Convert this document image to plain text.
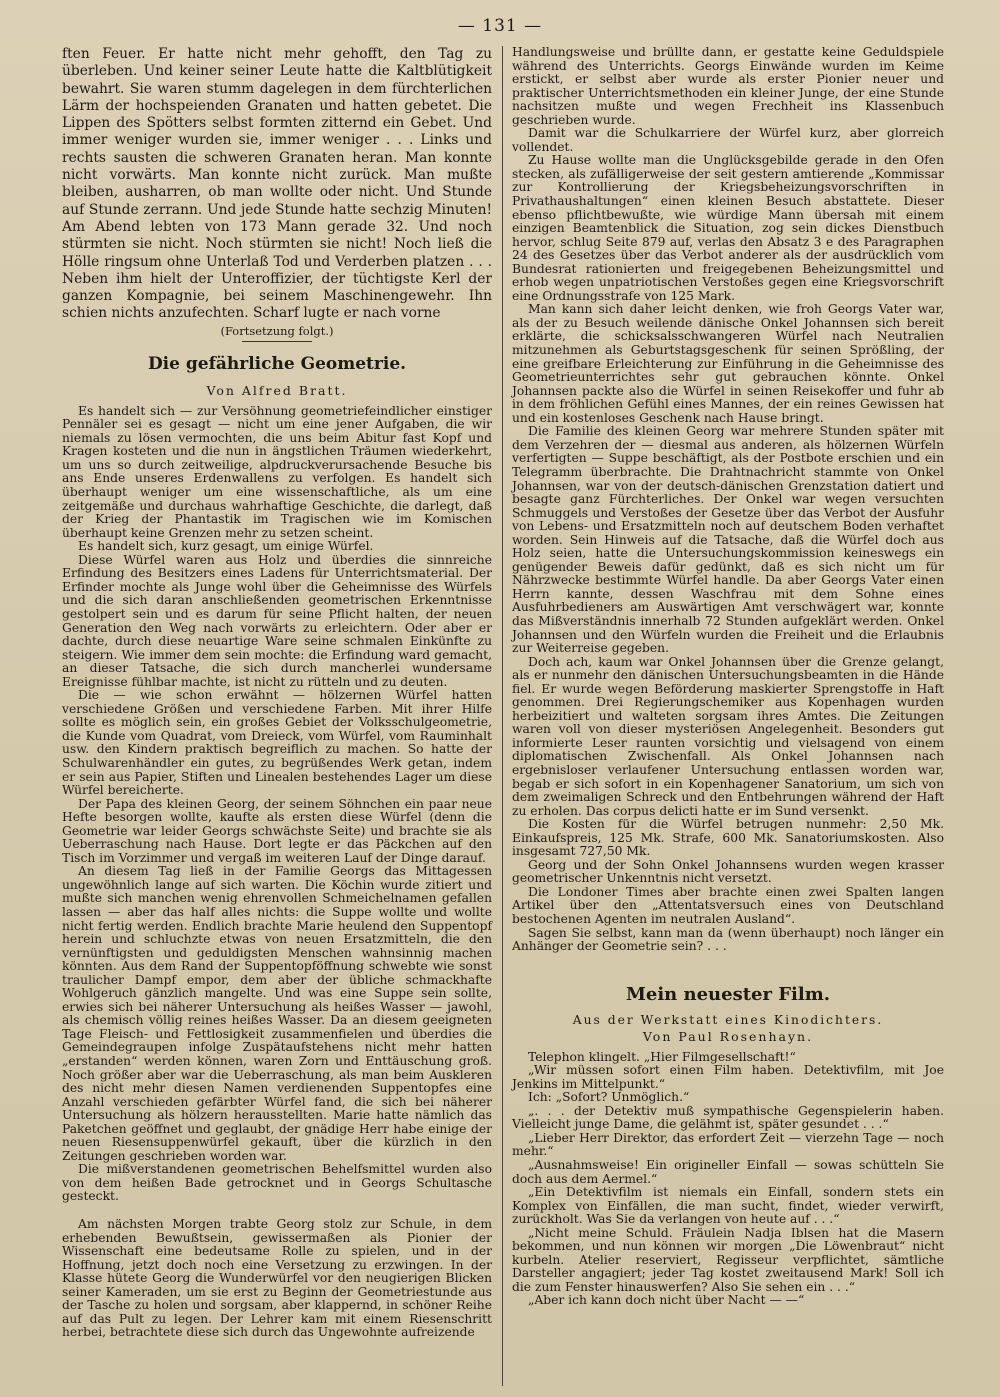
— 131 —

ften Feuer. Er hatte nicht mehr gehofft, den Tag zu überleben. Und keiner seiner Leute hatte die Kaltblütigkeit bewahrt. Sie waren stumm dagelegen in dem fürchterlichen Lärm der hochspeienden Granaten und hatten gebetet. Die Lippen des Spötters selbst formten zitternd ein Gebet. Und immer weniger wurden sie, immer weniger . . . Links und rechts sausten die schweren Granaten heran. Man konnte nicht vorwärts. Man konnte nicht zurück. Man mußte bleiben, ausharren, ob man wollte oder nicht. Und Stunde auf Stunde zerrann. Und jede Stunde hatte sechzig Minuten! Am Abend lebten von 173 Mann gerade 32. Und noch stürmten sie nicht. Noch stürmten sie nicht! Noch ließ die Hölle ringsum ohne Unterlaß Tod und Verderben platzen . . . Neben ihm hielt der Unteroffizier, der tüchtigste Kerl der ganzen Kompagnie, bei seinem Maschinengewehr. Ihn schien nichts anzufechten. Scharf lugte er nach vorne

(Fortsetzung folgt.)
Die gefährliche Geometrie.
Von Alfred Bratt.

Es handelt sich — zur Versöhnung geometriefeindlicher einstiger Pennäler sei es gesagt — nicht um eine jener Aufgaben, die wir niemals zu lösen vermochten, die uns beim Abitur fast Kopf und Kragen kosteten und die nun in ängstlichen Träumen wiederkehrt, um uns so durch zeitweilige, alpdruckverursachende Besuche bis ans Ende unseres Erdenwallens zu verfolgen. Es handelt sich überhaupt weniger um eine wissenschaftliche, als um eine zeitgemäße und durchaus wahrhaftige Geschichte, die darlegt, daß der Krieg der Phantastik im Tragischen wie im Komischen überhaupt keine Grenzen mehr zu setzen scheint.

Es handelt sich, kurz gesagt, um einige Würfel.

Diese Würfel waren aus Holz und überdies die sinnreiche Erfindung des Besitzers eines Ladens für Unterrichtsmaterial. Der Erfinder mochte als Junge wohl über die Geheimnisse des Würfels und die sich daran anschließenden geometrischen Erkenntnisse gestolpert sein und es darum für seine Pflicht halten, der neuen Generation den Weg nach vorwärts zu erleichtern. Oder aber er dachte, durch diese neuartige Ware seine schmalen Einkünfte zu steigern. Wie immer dem sein mochte: die Erfindung ward gemacht, an dieser Tatsache, die sich durch mancherlei wundersame Ereignisse fühlbar machte, ist nicht zu rütteln und zu deuten.

Die — wie schon erwähnt — hölzernen Würfel hatten verschiedene Größen und verschiedene Farben. Mit ihrer Hilfe sollte es möglich sein, ein großes Gebiet der Volksschulgeometrie, die Kunde vom Quadrat, vom Dreieck, vom Würfel, vom Rauminhalt usw. den Kindern praktisch begreiflich zu machen. So hatte der Schulwarenhändler ein gutes, zu begrüßendes Werk getan, indem er sein aus Papier, Stiften und Linealen bestehendes Lager um diese Würfel bereicherte.

Der Papa des kleinen Georg, der seinem Söhnchen ein paar neue Hefte besorgen wollte, kaufte als ersten diese Würfel (denn die Geometrie war leider Georgs schwächste Seite) und brachte sie als Ueberraschung nach Hause. Dort legte er das Päckchen auf den Tisch im Vorzimmer und vergaß im weiteren Lauf der Dinge darauf.

An diesem Tag ließ in der Familie Georgs das Mittagessen ungewöhnlich lange auf sich warten. Die Köchin wurde zitiert und mußte sich manchen wenig ehrenvollen Schmeichelnamen gefallen lassen — aber das half alles nichts: die Suppe wollte und wollte nicht fertig werden. Endlich brachte Marie heulend den Suppentopf herein und schluchzte etwas von neuen Ersatzmitteln, die den vernünftigsten und geduldigsten Menschen wahnsinnig machen könnten. Aus dem Rand der Suppentopföffnung schwebte wie sonst traulicher Dampf empor, dem aber der übliche schmackhafte Wohlgeruch gänzlich mangelte. Und was eine Suppe sein sollte, erwies sich bei näherer Untersuchung als heißes Wasser — jawohl, als chemisch völlig reines heißes Wasser. Da an diesem geeigneten Tage Fleisch- und Fettlosigkeit zusammenfielen und überdies die Gemeindegraupen infolge Zuspätaufstehens nicht mehr hatten „erstanden“ werden können, waren Zorn und Enttäuschung groß. Noch größer aber war die Ueberraschung, als man beim Auskleren des nicht mehr diesen Namen verdienenden Suppentopfes eine Anzahl verschieden gefärbter Würfel fand, die sich bei näherer Untersuchung als hölzern herausstellten. Marie hatte nämlich das Paketchen geöffnet und geglaubt, der gnädige Herr habe einige der neuen Riesensuppenwürfel gekauft, über die kürzlich in den Zeitungen geschrieben worden war.

Die mißverstandenen geometrischen Behelfsmittel wurden also von dem heißen Bade getrocknet und in Georgs Schultasche gesteckt.

Am nächsten Morgen trabte Georg stolz zur Schule, in dem erhebenden Bewußtsein, gewissermaßen als Pionier der Wissenschaft eine bedeutsame Rolle zu spielen, und in der Hoffnung, jetzt doch noch eine Versetzung zu erzwingen. In der Klasse hütete Georg die Wunderwürfel vor den neugierigen Blicken seiner Kameraden, um sie erst zu Beginn der Geometriestunde aus der Tasche zu holen und sorgsam, aber klappernd, in schöner Reihe auf das Pult zu legen. Der Lehrer kam mit einem Riesenschritt herbei, betrachtete diese sich durch das Ungewohnte aufreizende

Handlungsweise und brüllte dann, er gestatte keine Geduldspiele während des Unterrichts. Georgs Einwände wurden im Keime erstickt, er selbst aber wurde als erster Pionier neuer und praktischer Unterrichtsmethoden ein kleiner Junge, der eine Stunde nachsitzen mußte und wegen Frechheit ins Klassenbuch geschrieben wurde.

Damit war die Schulkarriere der Würfel kurz, aber glorreich vollendet.

Zu Hause wollte man die Unglücksgebilde gerade in den Ofen stecken, als zufälligerweise der seit gestern amtierende „Kommissar zur Kontrollierung der Kriegsbeheizungsvorschriften in Privathaushaltungen“ einen kleinen Besuch abstattete. Dieser ebenso pflichtbewußte, wie würdige Mann übersah mit einem einzigen Beamtenblick die Situation, zog sein dickes Dienstbuch hervor, schlug Seite 879 auf, verlas den Absatz 3 e des Paragraphen 24 des Gesetzes über das Verbot anderer als der ausdrücklich vom Bundesrat rationierten und freigegebenen Beheizungsmittel und erhob wegen unpatriotischen Verstoßes gegen eine Kriegsvorschrift eine Ordnungsstrafe von 125 Mark.

Man kann sich daher leicht denken, wie froh Georgs Vater war, als der zu Besuch weilende dänische Onkel Johannsen sich bereit erklärte, die schicksalsschwangeren Würfel nach Neutralien mitzunehmen als Geburtstagsgeschenk für seinen Sprößling, der eine greifbare Erleichterung zur Einführung in die Geheimnisse des Geometrieunterrichtes sehr gut gebrauchen könnte. Onkel Johannsen packte also die Würfel in seinen Reisekoffer und fuhr ab in dem fröhlichen Gefühl eines Mannes, der ein reines Gewissen hat und ein kostenloses Geschenk nach Hause bringt.

Die Familie des kleinen Georg war mehrere Stunden später mit dem Verzehren der — diesmal aus anderen, als hölzernen Würfeln verfertigten — Suppe beschäftigt, als der Postbote erschien und ein Telegramm überbrachte. Die Drahtnachricht stammte von Onkel Johannsen, war von der deutsch-dänischen Grenzstation datiert und besagte ganz Fürchterliches. Der Onkel war wegen versuchten Schmuggels und Verstoßes der Gesetze über das Verbot der Ausfuhr von Lebens- und Ersatzmitteln noch auf deutschem Boden verhaftet worden. Sein Hinweis auf die Tatsache, daß die Würfel doch aus Holz seien, hatte die Untersuchungskommission keineswegs ein genügender Beweis dafür gedünkt, daß es sich nicht um für Nährzwecke bestimmte Würfel handle. Da aber Georgs Vater einen Herrn kannte, dessen Waschfrau mit dem Sohne eines Ausfuhrbedieners am Auswärtigen Amt verschwägert war, konnte das Mißverständnis innerhalb 72 Stunden aufgeklärt werden. Onkel Johannsen und den Würfeln wurden die Freiheit und die Erlaubnis zur Weiterreise gegeben.

Doch ach, kaum war Onkel Johannsen über die Grenze gelangt, als er nunmehr den dänischen Untersuchungsbeamten in die Hände fiel. Er wurde wegen Beförderung maskierter Sprengstoffe in Haft genommen. Drei Regierungschemiker aus Kopenhagen wurden herbeizitiert und walteten sorgsam ihres Amtes. Die Zeitungen waren voll von dieser mysteriösen Angelegenheit. Besonders gut informierte Leser raunten vorsichtig und vielsagend von einem diplomatischen Zwischenfall. Als Onkel Johannsen nach ergebnisloser verlaufener Untersuchung entlassen worden war, begab er sich sofort in ein Kopenhagener Sanatorium, um sich von dem zweimaligen Schreck und den Entbehrungen während der Haft zu erholen. Das corpus delicti hatte er im Sund versenkt.

Die Kosten für die Würfel betrugen nunmehr: 2,50 Mk. Einkaufspreis, 125 Mk. Strafe, 600 Mk. Sanatoriumskosten. Also insgesamt 727,50 Mk.

Georg und der Sohn Onkel Johannsens wurden wegen krasser geometrischer Unkenntnis nicht versetzt.

Die Londoner Times aber brachte einen zwei Spalten langen Artikel über den „Attentatsversuch eines von Deutschland bestochenen Agenten im neutralen Ausland“.

Sagen Sie selbst, kann man da (wenn überhaupt) noch länger ein Anhänger der Geometrie sein? . . .

Mein neuester Film.
Aus der Werkstatt eines Kinodichters.
Von Paul Rosenhayn.

Telephon klingelt. „Hier Filmgesellschaft!“

„Wir müssen sofort einen Film haben. Detektivfilm, mit Joe Jenkins im Mittelpunkt.“

Ich: „Sofort? Unmöglich.“

„. . . der Detektiv muß sympathische Gegenspielerin haben. Vielleicht junge Dame, die gelähmt ist, später gesundet . . .“

„Lieber Herr Direktor, das erfordert Zeit — vierzehn Tage — noch mehr.“

„Ausnahmsweise! Ein origineller Einfall — sowas schütteln Sie doch aus dem Aermel.“

„Ein Detektivfilm ist niemals ein Einfall, sondern stets ein Komplex von Einfällen, die man sucht, findet, wieder verwirft, zurückholt. Was Sie da verlangen von heute auf . . .“

„Nicht meine Schuld. Fräulein Nadja Iblsen hat die Masern bekommen, und nun können wir morgen „Die Löwenbraut“ nicht kurbeln. Atelier reserviert, Regisseur verpflichtet, sämtliche Darsteller angagiert; jeder Tag kostet zweitausend Mark! Soll ich die zum Fenster hinauswerfen? Also Sie sehen ein . . .“

„Aber ich kann doch nicht über Nacht — —“
